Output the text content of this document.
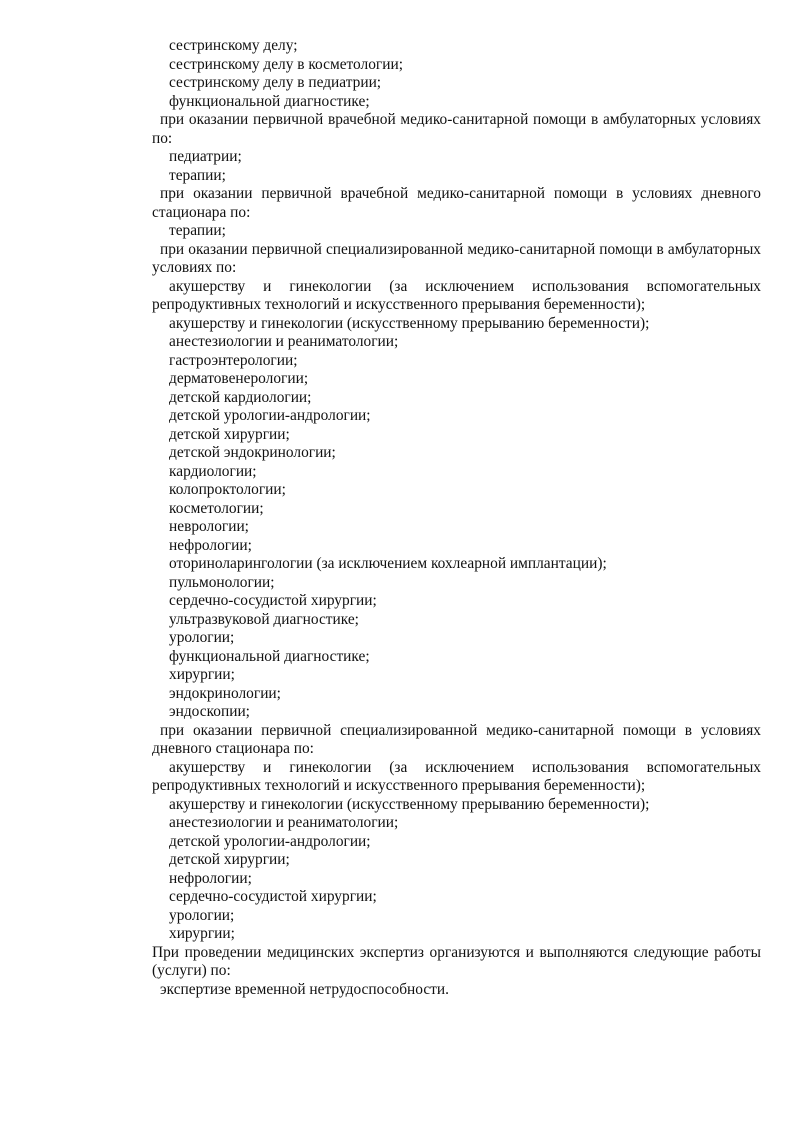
сестринскому делу;
сестринскому делу в косметологии;
сестринскому делу в педиатрии;
функциональной диагностике;
при оказании первичной врачебной медико-санитарной помощи в амбулаторных условиях по:
педиатрии;
терапии;
при оказании первичной врачебной медико-санитарной помощи в условиях дневного стационара по:
терапии;
при оказании первичной специализированной медико-санитарной помощи в амбулаторных условиях по:
акушерству и гинекологии (за исключением использования вспомогательных репродуктивных технологий и искусственного прерывания беременности);
акушерству и гинекологии (искусственному прерыванию беременности);
анестезиологии и реаниматологии;
гастроэнтерологии;
дерматовенерологии;
детской кардиологии;
детской урологии-андрологии;
детской хирургии;
детской эндокринологии;
кардиологии;
колопроктологии;
косметологии;
неврологии;
нефрологии;
оториноларингологии (за исключением кохлеарной имплантации);
пульмонологии;
сердечно-сосудистой хирургии;
ультразвуковой диагностике;
урологии;
функциональной диагностике;
хирургии;
эндокринологии;
эндоскопии;
при оказании первичной специализированной медико-санитарной помощи в условиях дневного стационара по:
акушерству и гинекологии (за исключением использования вспомогательных репродуктивных технологий и искусственного прерывания беременности);
акушерству и гинекологии (искусственному прерыванию беременности);
анестезиологии и реаниматологии;
детской урологии-андрологии;
детской хирургии;
нефрологии;
сердечно-сосудистой хирургии;
урологии;
хирургии;
При проведении медицинских экспертиз организуются и выполняются следующие работы (услуги) по:
экспертизе временной нетрудоспособности.
